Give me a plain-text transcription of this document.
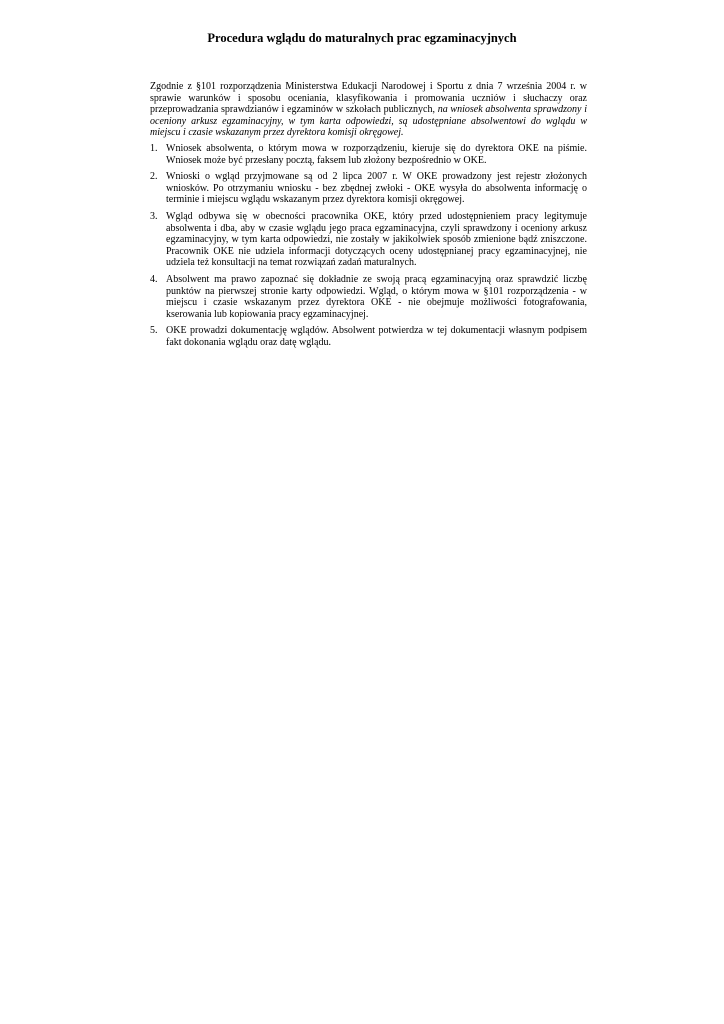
Procedura wglądu do maturalnych prac egzaminacyjnych

Zgodnie z §101 rozporządzenia Ministerstwa Edukacji Narodowej i Sportu z dnia 7 września 2004 r. w sprawie warunków i sposobu oceniania, klasyfikowania i promowania uczniów i słuchaczy oraz przeprowadzania sprawdzianów i egzaminów w szkołach publicznych, na wniosek absolwenta sprawdzony i oceniony arkusz egzaminacyjny, w tym karta odpowiedzi, są udostępniane absolwentowi do wglądu w miejscu i czasie wskazanym przez dyrektora komisji okręgowej.

1. Wniosek absolwenta, o którym mowa w rozporządzeniu, kieruje się do dyrektora OKE na piśmie. Wniosek może być przesłany pocztą, faksem lub złożony bezpośrednio w OKE.
2. Wnioski o wgląd przyjmowane są od 2 lipca 2007 r. W OKE prowadzony jest rejestr złożonych wniosków. Po otrzymaniu wniosku - bez zbędnej zwłoki - OKE wysyła do absolwenta informację o terminie i miejscu wglądu wskazanym przez dyrektora komisji okręgowej.
3. Wgląd odbywa się w obecności pracownika OKE, który przed udostępnieniem pracy legitymuje absolwenta i dba, aby w czasie wglądu jego praca egzaminacyjna, czyli sprawdzony i oceniony arkusz egzaminacyjny, w tym karta odpowiedzi, nie zostały w jakikolwiek sposób zmienione bądź zniszczone. Pracownik OKE nie udziela informacji dotyczących oceny udostępnianej pracy egzaminacyjnej, nie udziela też konsultacji na temat rozwiązań zadań maturalnych.
4. Absolwent ma prawo zapoznać się dokładnie ze swoją pracą egzaminacyjną oraz sprawdzić liczbę punktów na pierwszej stronie karty odpowiedzi. Wgląd, o którym mowa w §101 rozporządzenia - w miejscu i czasie wskazanym przez dyrektora OKE - nie obejmuje możliwości fotografowania, kserowania lub kopiowania pracy egzaminacyjnej.
5. OKE prowadzi dokumentację wglądów. Absolwent potwierdza w tej dokumentacji własnym podpisem fakt dokonania wglądu oraz datę wglądu.
